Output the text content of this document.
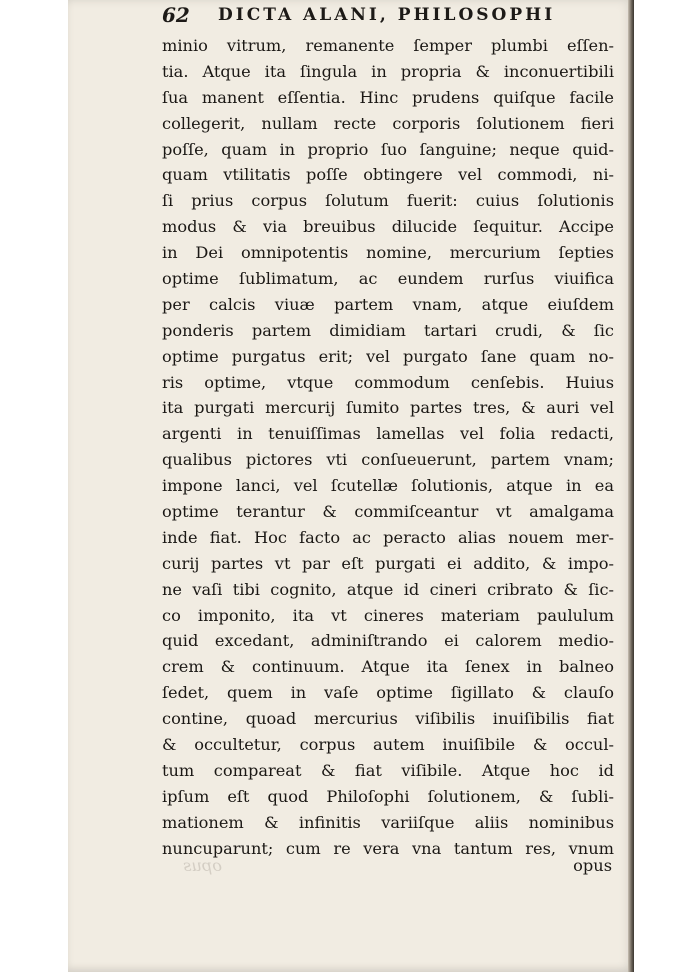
62 DICTA ALANI, PHILOSOPHI
minio vitrum, remanente ſemper plumbi eſſen-
tia. Atque ita ſingula in propria & inconuertibili
ſua manent eſſentia. Hinc prudens quiſque facile
collegerit, nullam recte corporis ſolutionem fieri
poſſe, quam in proprio ſuo ſanguine; neque quid-
quam vtilitatis poſſe obtingere vel commodi, ni-
ſi prius corpus ſolutum fuerit: cuius ſolutionis
modus & via breuibus dilucide ſequitur. Accipe
in Dei omnipotentis nomine, mercurium ſepties
optime ſublimatum, ac eundem rurſus viuifica
per calcis viuæ partem vnam, atque eiuſdem
ponderis partem dimidiam tartari crudi, & ſic
optime purgatus erit; vel purgato ſane quam no-
ris optime, vtque commodum cenſebis. Huius
ita purgati mercurij ſumito partes tres, & auri vel
argenti in tenuiſſimas lamellas vel folia redacti,
qualibus pictores vti conſueuerunt, partem vnam;
impone lanci, vel ſcutellæ ſolutionis, atque in ea
optime terantur & commiſceantur vt amalgama
inde fiat. Hoc facto ac peracto alias nouem mer-
curij partes vt par eſt purgati ei addito, & impo-
ne vaſi tibi cognito, atque id cineri cribrato & ſic-
co imponito, ita vt cineres materiam paululum
quid excedant, adminiſtrando ei calorem medio-
crem & continuum. Atque ita ſenex in balneo
ſedet, quem in vaſe optime ſigillato & clauſo
contine, quoad mercurius viſibilis inuiſibilis fiat
& occultetur, corpus autem inuiſibile & occul-
tum compareat & fiat viſibile. Atque hoc id
ipſum eſt quod Philoſophi ſolutionem, & ſubli-
mationem & infinitis variiſque aliis nominibus
nuncuparunt; cum re vera vna tantum res, vnum
opus	opus
